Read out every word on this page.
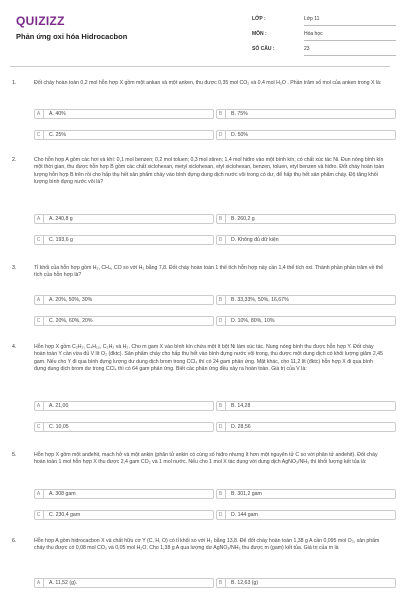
QUIZIZZ
Phản ứng oxi hóa Hidrocacbon
LỚP :	Lớp 11
MÔN :	Hóa học
SỐ CÂU :	23
1.	Đốt cháy hoàn toàn 0,2 mol hỗn hợp X gồm một ankan và một anken, thu được 0,35 mol CO₂ và 0,4 mol H₂O . Phần trăm số mol của anken trong X là:
A	A. 40%	B	B. 75%
C	C. 25%	D	D. 50%
2.	Cho hỗn hợp A gồm các hơi và khí: 0,1 mol benzen; 0,2 mol toluen; 0,3 mol stiren; 1,4 mol hiđro vào một bình kín, có chất xúc tác Ni. Đun nóng bình kín một thời gian, thu được hỗn hợp B gồm các chất xiclohexan, metyl xiclohexan, etyl xiclohexan, benzen, toluen, etyl benzen và hiđro. Đốt cháy hoàn toàn lượng hỗn hợp B trên rồi cho hấp thụ hết sản phẩm cháy vào bình đựng dung dịch nước vôi trong có dư, để hấp thụ hết sản phẩm cháy. Độ tăng khối lượng bình đựng nước vôi là?
A	A. 240,8 g	B	B. 260,2 g
C	C. 193,6 g	D	D. Không đủ dữ kiện
3.	Tỉ khối của hỗn hợp gồm H₂, CH₄, CO so với H₂ bằng 7,8. Đốt cháy hoàn toàn 1 thể tích hỗn hợp này cần 1,4 thể tích oxi. Thành phần phần trăm về thể tích của hỗn hợp là?
A	A. 20%, 50%, 30%	B	B. 33,33%, 50%, 16,67%
C	C. 20%, 60%, 20%	D	D. 10%, 80%, 10%
4.	Hỗn hợp X gồm C₂H₂, C₄H₁₀, C₂H₂ và H₂. Cho m gam X vào bình kín chứa một ít bột Ni làm xúc tác. Nung nóng bình thu được hỗn hợp Y. Đốt cháy hoàn toàn Y cần vừa đủ V lít O₂ (đktc). Sản phẩm cháy cho hấp thụ hết vào bình đựng nước vôi trong, thu được một dung dịch có khối lượng giảm 2,45 gam. Nếu cho Y đi qua bình đựng lượng dư dung dịch brom trong CCl₄ thì có 24 gam phản ứng. Mặt khác, cho 11,2 lít (đktc) hỗn hợp X đi qua bình đựng dung dịch brom dư trong CCl₄ thì có 64 gam phản ứng. Biết các phản ứng đều xảy ra hoàn toàn. Giá trị của V là:
A	A. 21,00	B	B. 14,28
C	C. 10,05	D	D. 28,56
5.	Hỗn hợp X gồm một anđehit, mạch hở và một ankin (phân tử ankin có cùng số hiđro nhưng ít hơn một nguyên tử C so với phân tử anđehit). Đốt cháy hoàn toàn 1 mol hỗn hợp X thu được 2,4 gam CO₂ và 1 mol nước. Nếu cho 1 mol X tác dụng với dung dịch AgNO₃/NH₃ thì khối lượng kết tủa là:
A	A. 308 gam	B	B. 301,2 gam
C	C. 230,4 gam	D	D. 144 gam
6.	Hỗn hợp A gồm hidrocacbon X và chất hữu cơ Y (C, H, O) có tỉ khối so với H₂ bằng 13,8. Để đốt cháy hoàn toàn 1,38 g A cần 0,095 mol O₂, sản phẩm cháy thu được có 0,08 mol CO₂ và 0,05 mol H₂O. Cho 1,38 g A qua lượng dư AgNO₃/NH₃ thu được m (gam) kết tủa. Giá trị của m là
A	A. 11,52 (g).	B	B. 12,63 (g)
